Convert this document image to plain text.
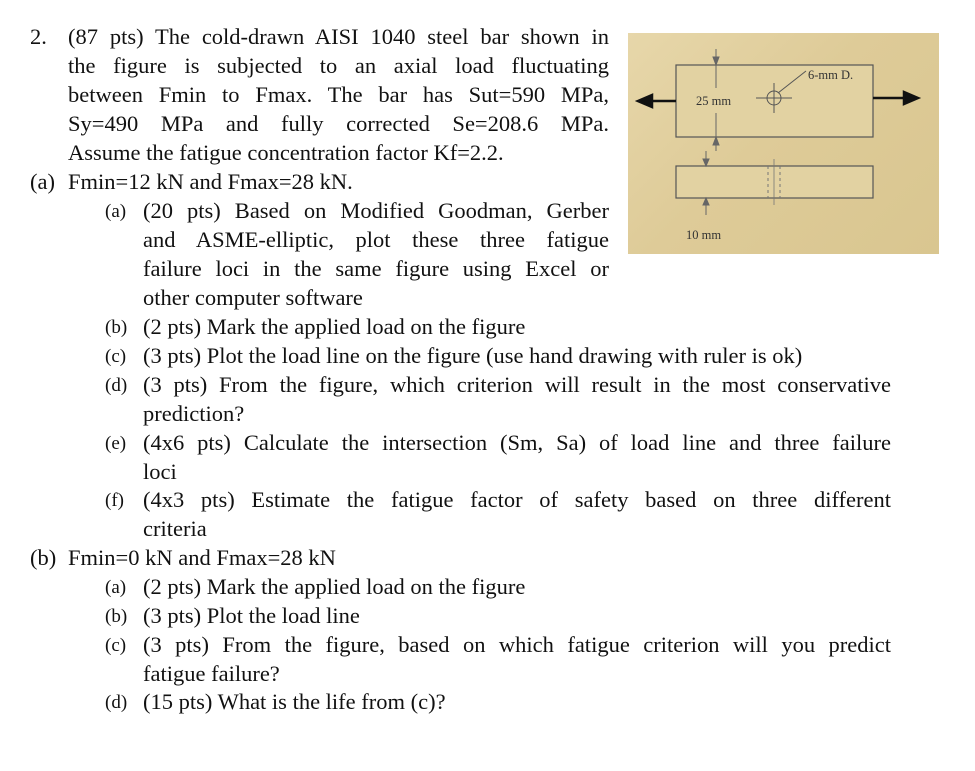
2. (87 pts) The cold-drawn AISI 1040 steel bar shown in
the figure is subjected to an axial load fluctuating
between Fmin to Fmax. The bar has Sut=590 MPa,
Sy=490 MPa and fully corrected Se=208.6 MPa.
Assume the fatigue concentration factor Kf=2.2.
(a) Fmin=12 kN and Fmax=28 kN.
(a) (20 pts) Based on Modified Goodman, Gerber
and ASME-elliptic, plot these three fatigue
failure loci in the same figure using Excel or
other computer software
(b) (2 pts) Mark the applied load on the figure
(c) (3 pts) Plot the load line on the figure (use hand drawing with ruler is ok)
(d) (3 pts) From the figure, which criterion will result in the most conservative
prediction?
(e) (4x6 pts) Calculate the intersection (Sm, Sa) of load line and three failure
loci
(f) (4x3 pts) Estimate the fatigue factor of safety based on three different
criteria
(b) Fmin=0 kN and Fmax=28 kN
(a) (2 pts) Mark the applied load on the figure
(b) (3 pts) Plot the load line
(c) (3 pts) From the figure, based on which fatigue criterion will you predict
fatigue failure?
(d) (15 pts) What is the life from (c)?
25 mm
6-mm D.
10 mm
